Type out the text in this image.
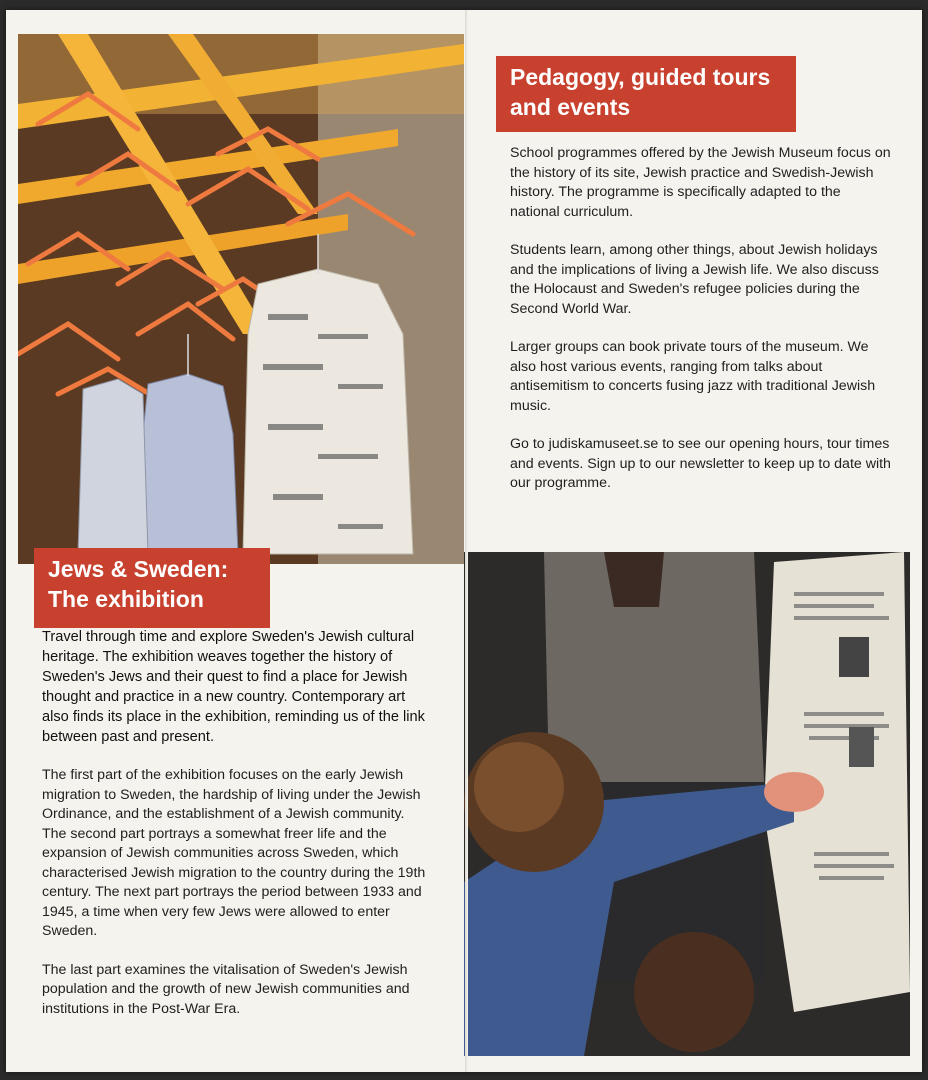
Pedagogy, guided tours
and events

School programmes offered by the Jewish Museum focus on the history of its site, Jewish practice and Swedish-Jewish history. The programme is specifically adapted to the national curriculum.

Students learn, among other things, about Jewish holidays and the implications of living a Jewish life. We also discuss the Holocaust and Sweden's refugee policies during the Second World War.

Larger groups can book private tours of the museum. We also host various events, ranging from talks about antisemitism to concerts fusing jazz with traditional Jewish music.

Go to judiskamuseet.se to see our opening hours, tour times and events. Sign up to our newsletter to keep up to date with our programme.

Jews & Sweden:
The exhibition

Travel through time and explore Sweden's Jewish cultural heritage. The exhibition weaves together the history of Sweden's Jews and their quest to find a place for Jewish thought and practice in a new country. Contemporary art also finds its place in the exhibition, reminding us of the link between past and present.

The first part of the exhibition focuses on the early Jewish migration to Sweden, the hardship of living under the Jewish Ordinance, and the establishment of a Jewish community. The second part portrays a somewhat freer life and the expansion of Jewish communities across Sweden, which characterised Jewish migration to the country during the 19th century. The next part portrays the period between 1933 and 1945, a time when very few Jews were allowed to enter Sweden.

The last part examines the vitalisation of Sweden's Jewish population and the growth of new Jewish communities and institutions in the Post-War Era.
